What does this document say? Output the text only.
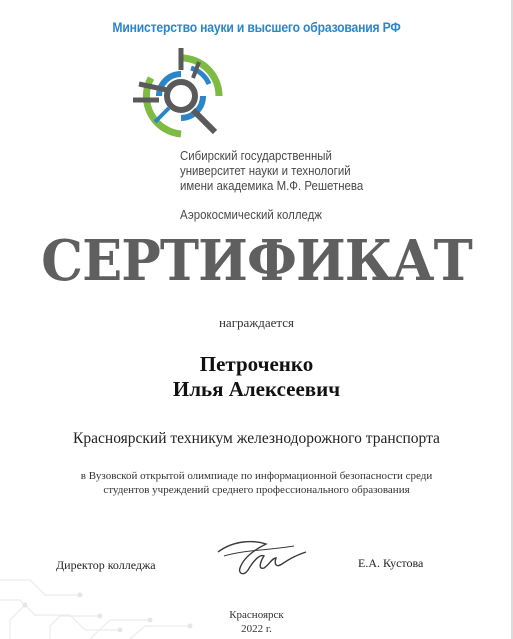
Министерство науки и высшего образования РФ
Сибирский государственный
университет науки и технологий
имени академика М.Ф. Решетнева
Аэрокосмический колледж
СЕРТИФИКАТ
награждается
Петроченко
Илья Алексеевич
Красноярский техникум железнодорожного транспорта
в Вузовской открытой олимпиаде по информационной безопасности среди
студентов учреждений среднего профессионального образования
Директор колледжа	Е.А. Кустова
Красноярск
2022 г.
